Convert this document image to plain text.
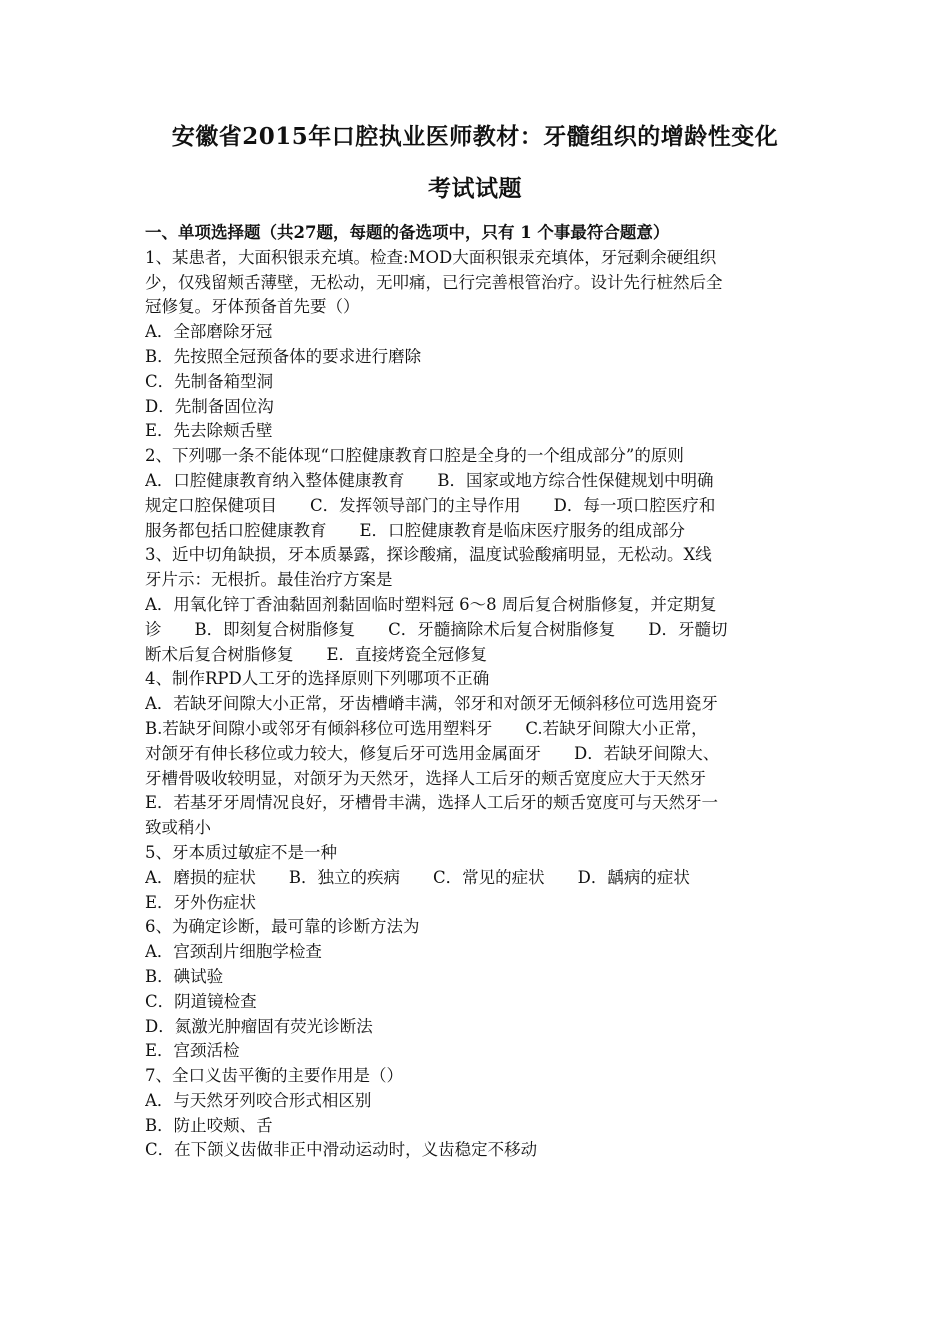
安徽省2015年口腔执业医师教材：牙髓组织的增龄性变化
考试试题
一、单项选择题（共27题，每题的备选项中，只有 1 个事最符合题意）
1、某患者，大面积银汞充填。检查:MOD大面积银汞充填体，牙冠剩余硬组织
少，仅残留颊舌薄壁，无松动，无叩痛，已行完善根管治疗。设计先行桩然后全
冠修复。牙体预备首先要（）
A．全部磨除牙冠
B．先按照全冠预备体的要求进行磨除
C．先制备箱型洞
D．先制备固位沟
E．先去除颊舌壁
2、下列哪一条不能体现“口腔健康教育口腔是全身的一个组成部分”的原则
A．口腔健康教育纳入整体健康教育　　B．国家或地方综合性保健规划中明确
规定口腔保健项目　　C．发挥领导部门的主导作用　　D．每一项口腔医疗和
服务都包括口腔健康教育　　E．口腔健康教育是临床医疗服务的组成部分
3、近中切角缺损，牙本质暴露，探诊酸痛，温度试验酸痛明显，无松动。X线
牙片示：无根折。最佳治疗方案是
A．用氧化锌丁香油黏固剂黏固临时塑料冠 6～8 周后复合树脂修复，并定期复
诊　　B．即刻复合树脂修复　　C．牙髓摘除术后复合树脂修复　　D．牙髓切
断术后复合树脂修复　　E．直接烤瓷全冠修复
4、制作RPD人工牙的选择原则下列哪项不正确
A．若缺牙间隙大小正常，牙齿槽嵴丰满，邻牙和对颌牙无倾斜移位可选用瓷牙
B.若缺牙间隙小或邻牙有倾斜移位可选用塑料牙　　C.若缺牙间隙大小正常，
对颌牙有伸长移位或力较大，修复后牙可选用金属面牙　　D．若缺牙间隙大、
牙槽骨吸收较明显，对颌牙为天然牙，选择人工后牙的颊舌宽度应大于天然牙
E．若基牙牙周情况良好，牙槽骨丰满，选择人工后牙的颊舌宽度可与天然牙一
致或稍小
5、牙本质过敏症不是一种
A．磨损的症状　　B．独立的疾病　　C．常见的症状　　D．龋病的症状
E．牙外伤症状
6、为确定诊断，最可靠的诊断方法为
A．宫颈刮片细胞学检查
B．碘试验
C．阴道镜检查
D．氮激光肿瘤固有荧光诊断法
E．宫颈活检
7、全口义齿平衡的主要作用是（）
A．与天然牙列咬合形式相区别
B．防止咬颊、舌
C．在下颌义齿做非正中滑动运动时，义齿稳定不移动
